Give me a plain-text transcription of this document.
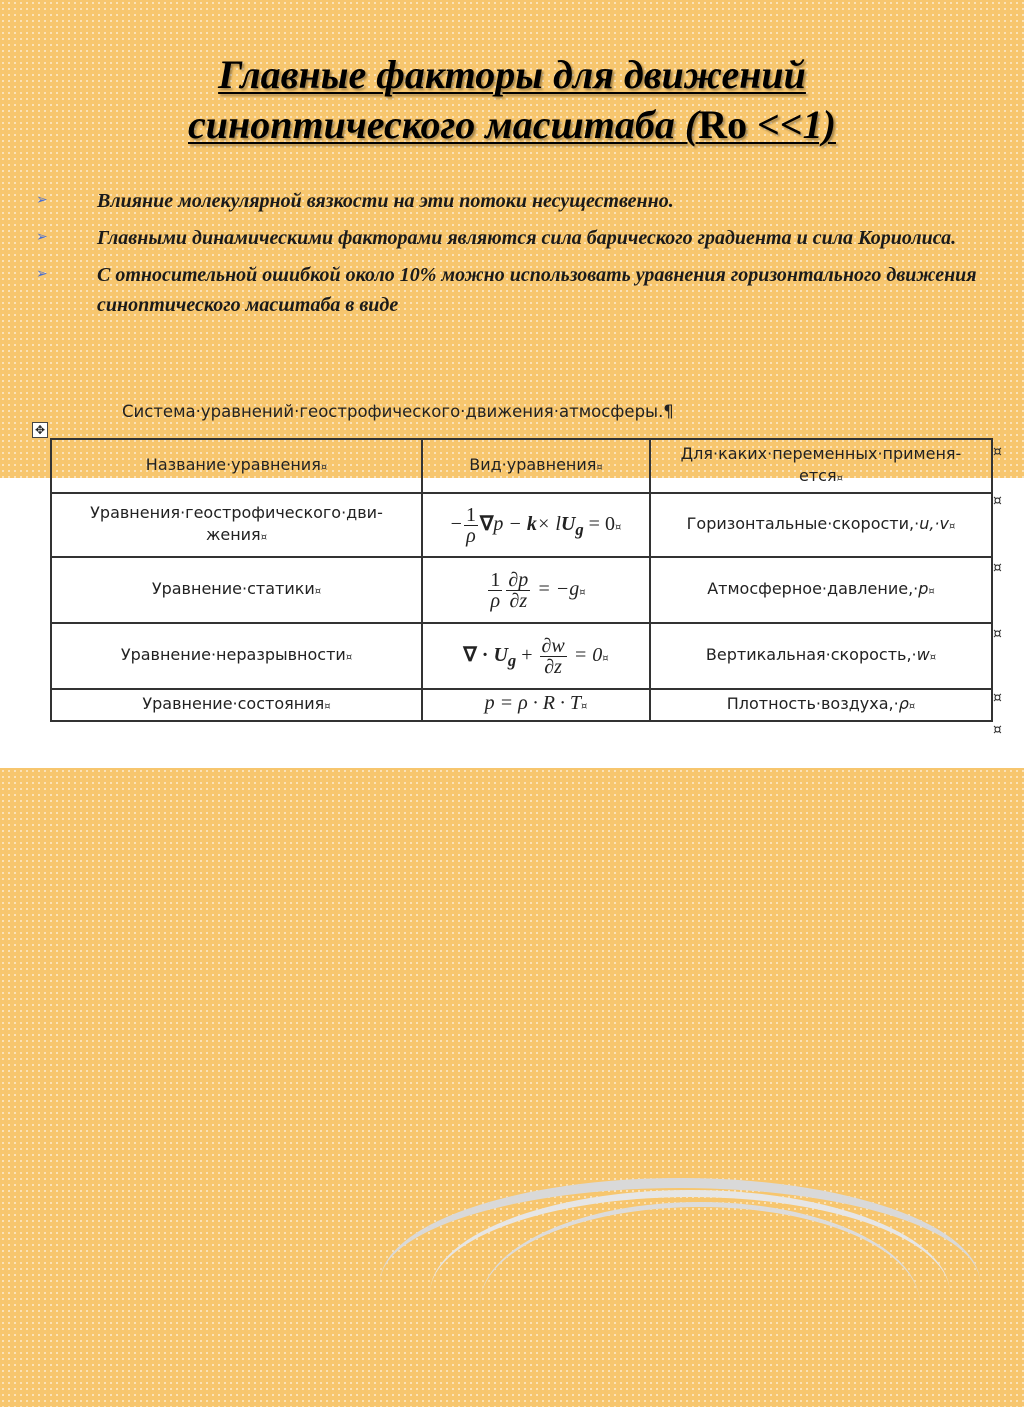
Главные факторы для движений
синоптического масштаба (Ro <<1)
➢ Влияние молекулярной вязкости на эти потоки несущественно.
➢ Главными динамическими факторами являются сила барического градиента и сила Кориолиса.
➢ С относительной ошибкой около 10% можно использовать уравнения горизонтального движения синоптического масштаба в виде
Система·уравнений·геострофического·движения·атмосферы.¶
✥
Название·уравнения¤	Вид·уравнения¤	Для·каких·переменных·применя-ется¤
Уравнения·геострофического·дви-жения¤	− $\frac{1}{\rho} \nabla p - k\times lU_g$ = 0¤	Горизонтальные·скорости,·u,·v¤
Уравнение·статики¤	$\frac{1}{\rho} \frac{\partial p}{\partial z}$ = −g¤	Атмосферное·давление,·p¤
Уравнение·неразрывности¤	∇ · $U_g + \frac{\partial w}{\partial z}$ = 0¤	Вертикальная·скорость,·w¤
Уравнение·состояния¤	p = ρ · R · T¤	Плотность·воздуха,·ρ¤
¤
¤
¤
¤
¤
¤
